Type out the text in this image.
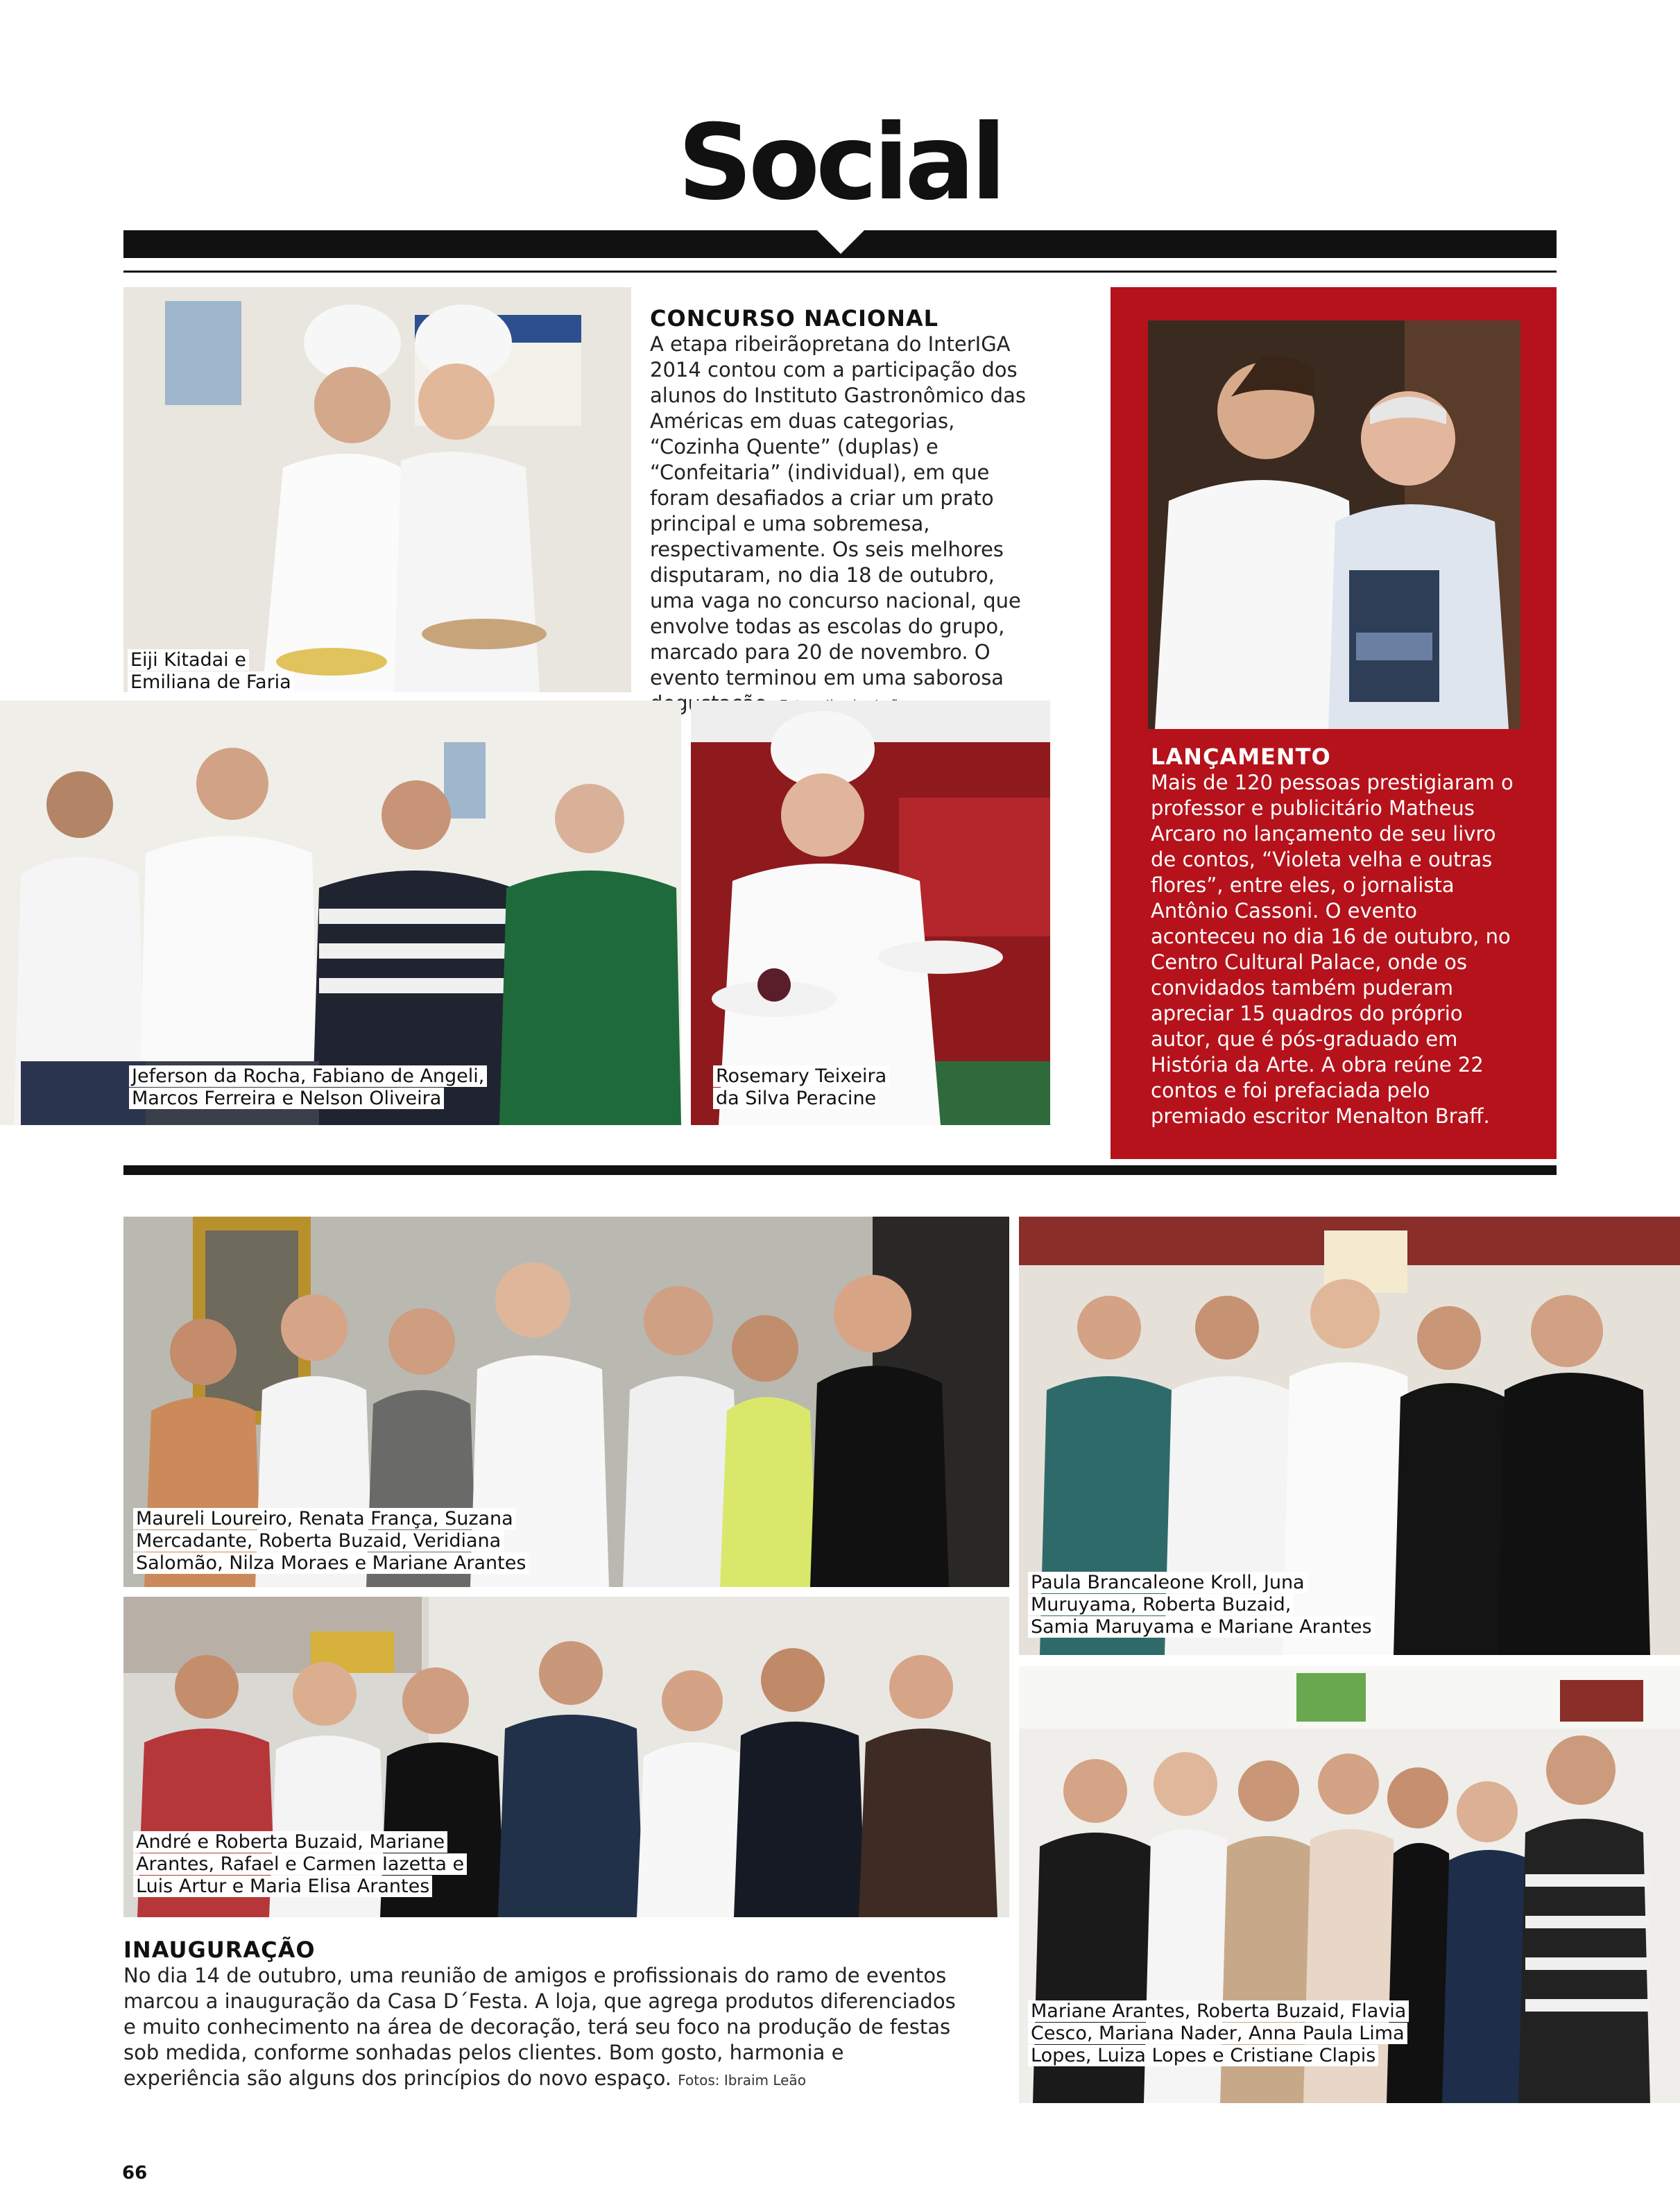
Social
Eiji Kitadai e
Emiliana de Faria
CONCURSO NACIONAL
A etapa ribeirãopretana do InterIGA 2014 contou com a participação dos alunos do Instituto Gastronômico das Américas em duas categorias, “Cozinha Quente” (duplas) e “Confeitaria” (individual), em que foram desafiados a criar um prato principal e uma sobremesa, respectivamente. Os seis melhores disputaram, no dia 18 de outubro, uma vaga no concurso nacional, que envolve todas as escolas do grupo, marcado para 20 de novembro. O evento terminou em uma saborosa
Jeferson da Rocha, Fabiano de Angeli,
Marcos Ferreira e Nelson Oliveira
Rosemary Teixeira
da Silva Peracine
LANÇAMENTO
Mais de 120 pessoas prestigiaram o professor e publicitário Matheus Arcaro no lançamento de seu livro de contos, “Violeta velha e outras flores”, entre eles, o jornalista Antônio Cassoni. O evento aconteceu no dia 16 de outubro, no Centro Cultural Palace, onde os convidados também puderam apreciar 15 quadros do próprio autor, que é pós-graduado em História da Arte. A obra reúne 22 contos e foi prefaciada pelo premiado escritor Menalton Braff.
Maureli Loureiro, Renata França, Suzana
Mercadante, Roberta Buzaid, Veridiana
Salomão, Nilza Moraes e Mariane Arantes
Paula Brancaleone Kroll, Juna
Muruyama, Roberta Buzaid,
Samia Maruyama e Mariane Arantes
André e Roberta Buzaid, Mariane
Arantes, Rafael e Carmen Iazetta e
Luis Artur e Maria Elisa Arantes
Mariane Arantes, Roberta Buzaid, Flavia
Cesco, Mariana Nader, Anna Paula Lima
Lopes, Luiza Lopes e Cristiane Clapis
INAUGURAÇÃO
No dia 14 de outubro, uma reunião de amigos e profissionais do ramo de eventos marcou a inauguração da Casa D´Festa. A loja, que agrega produtos diferenciados e muito conhecimento na área de decoração, terá seu foco na produção de festas sob medida, conforme sonhadas pelos clientes. Bom gosto, harmonia e experiência são alguns dos princípios do novo espaço. Fotos: Ibraim Leão
66
